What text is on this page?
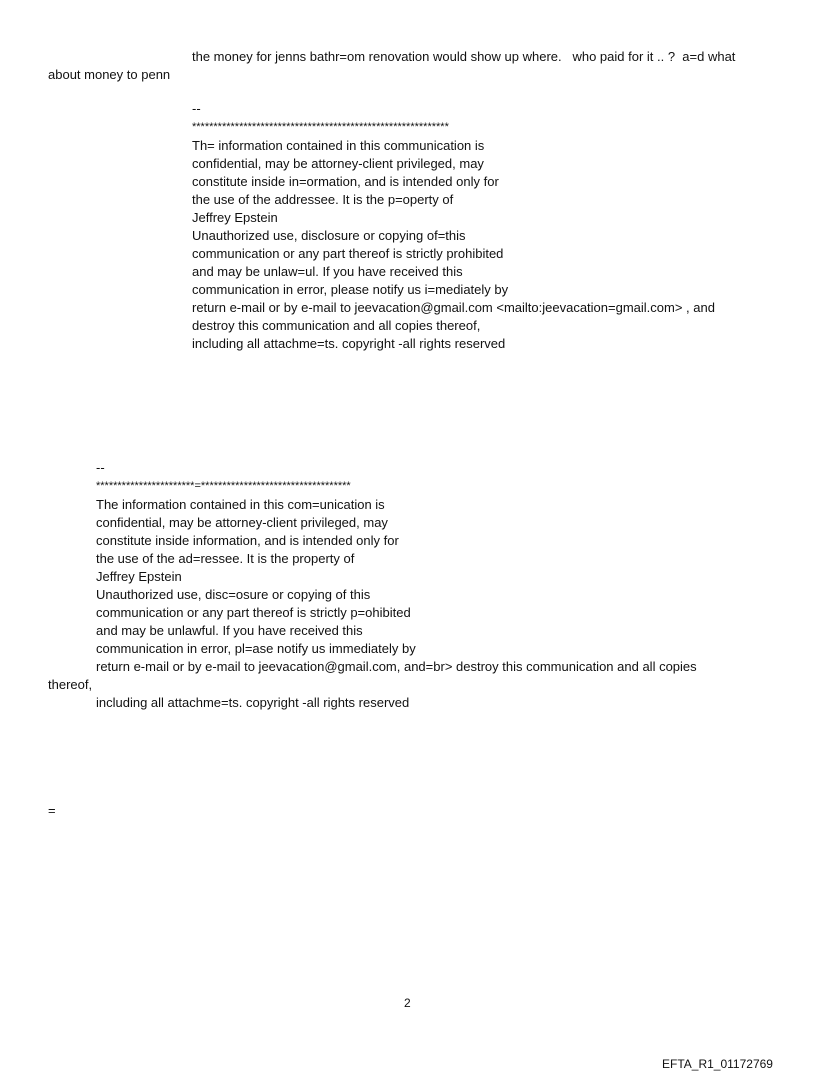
the money for jenns bathr=om renovation would show up where.   who paid for it .. ?  a=d what
about money to penn
--
************************************************************
Th= information contained in this communication is
confidential, may be attorney-client privileged, may
constitute inside in=ormation, and is intended only for
the use of the addressee. It is the p=operty of
Jeffrey Epstein
Unauthorized use, disclosure or copying of=this
communication or any part thereof is strictly prohibited
and may be unlaw=ul. If you have received this
communication in error, please notify us i=mediately by
return e-mail or by e-mail to jeevacation@gmail.com <mailto:jeevacation=gmail.com> , and
destroy this communication and all copies thereof,
including all attachme=ts. copyright -all rights reserved
--
***********************=***********************************
The information contained in this com=unication is
confidential, may be attorney-client privileged, may
constitute inside information, and is intended only for
the use of the ad=ressee. It is the property of
Jeffrey Epstein
Unauthorized use, disc=osure or copying of this
communication or any part thereof is strictly p=ohibited
and may be unlawful. If you have received this
communication in error, pl=ase notify us immediately by
return e-mail or by e-mail to jeevacation@gmail.com, and=br> destroy this communication and all copies
thereof,
including all attachme=ts. copyright -all rights reserved
=
2
EFTA_R1_01172769
